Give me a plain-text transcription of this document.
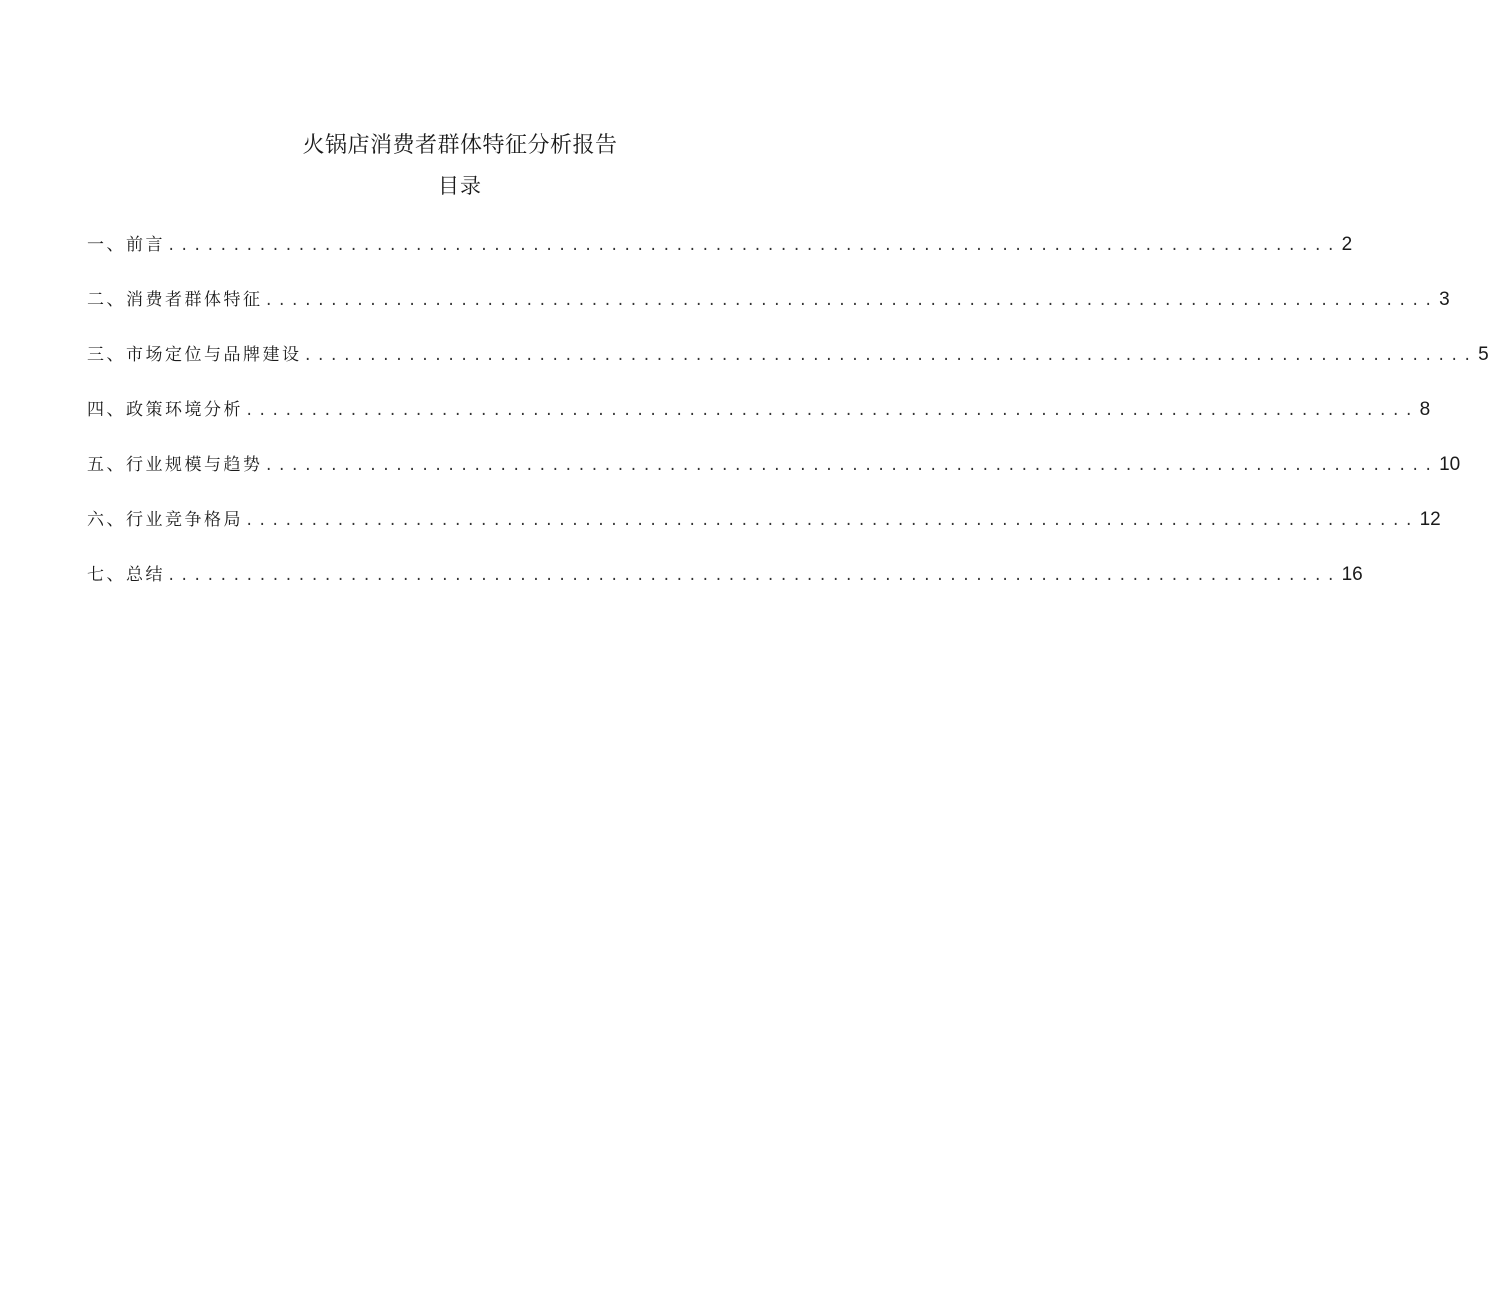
火锅店消费者群体特征分析报告
目录
一、前言 .......................................................................................... 2
二、消费者群体特征 .......................................................................................... 3
三、市场定位与品牌建设 .......................................................................................... 5
四、政策环境分析 .......................................................................................... 8
五、行业规模与趋势 .......................................................................................... 10
六、行业竞争格局 .......................................................................................... 12
七、总结 .......................................................................................... 16
